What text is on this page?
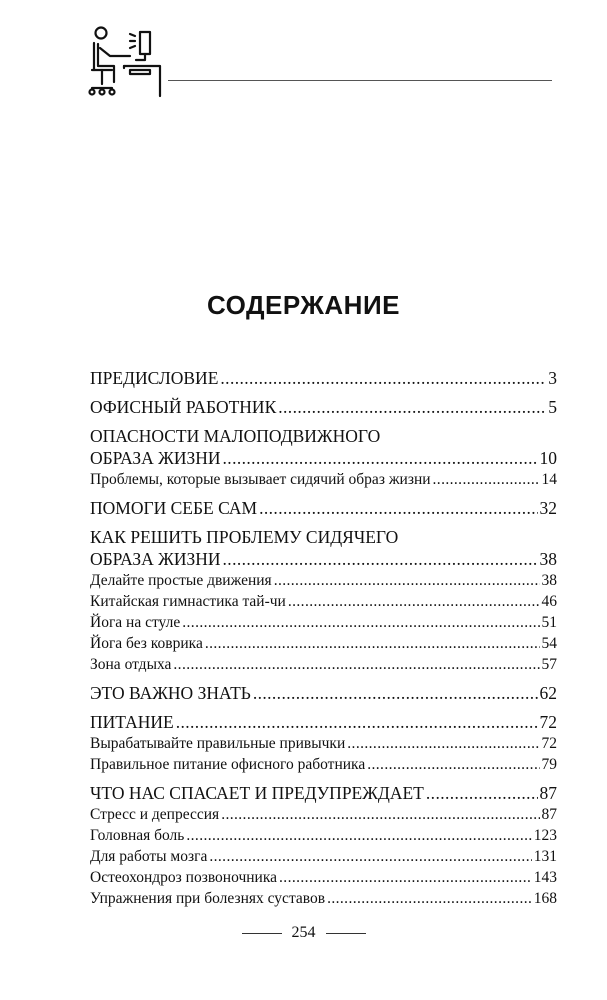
СОДЕРЖАНИЕ
ПРЕДИСЛОВИЕ .....	3
ОФИСНЫЙ РАБОТНИК .....	5
ОПАСНОСТИ МАЛОПОДВИЖНОГО
ОБРАЗА ЖИЗНИ .....	10
Проблемы, которые вызывает сидячий образ жизни .....	14
ПОМОГИ СЕБЕ САМ .....	32
КАК РЕШИТЬ ПРОБЛЕМУ СИДЯЧЕГО
ОБРАЗА ЖИЗНИ .....	38
Делайте простые движения .....	38
Китайская гимнастика тай-чи .....	46
Йога на стуле .....	51
Йога без коврика .....	54
Зона отдыха .....	57
ЭТО ВАЖНО ЗНАТЬ .....	62
ПИТАНИЕ .....	72
Вырабатывайте правильные привычки .....	72
Правильное питание офисного работника .....	79
ЧТО НАС СПАСАЕТ И ПРЕДУПРЕЖДАЕТ .....	87
Стресс и депрессия .....	87
Головная боль .....	123
Для работы мозга .....	131
Остеохондроз позвоночника .....	143
Упражнения при болезнях суставов .....	168
254
